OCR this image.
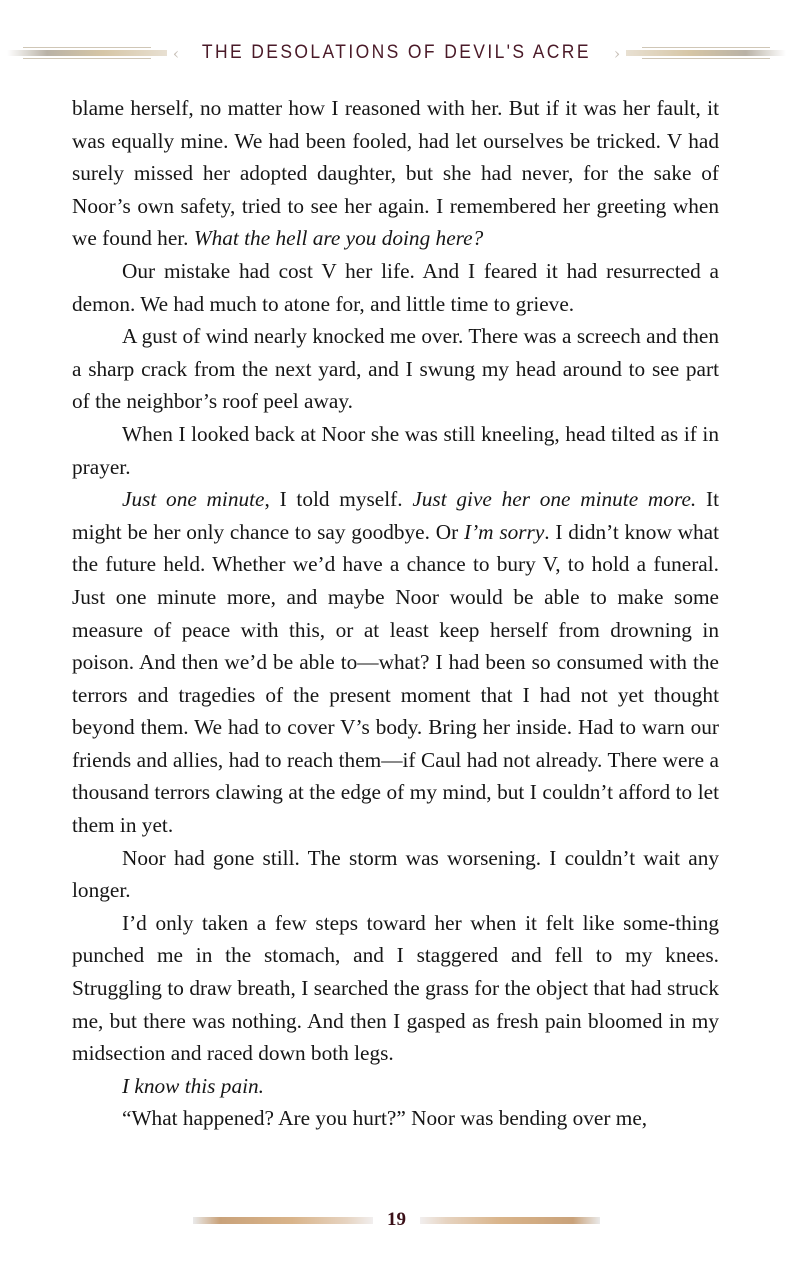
‹ THE DESOLATIONS OF DEVIL'S ACRE ›

blame herself, no matter how I reasoned with her. But if it was her fault, it was equally mine. We had been fooled, had let ourselves be tricked. V had surely missed her adopted daughter, but she had never, for the sake of Noor’s own safety, tried to see her again. I remembered her greeting when we found her. What the hell are you doing here?

Our mistake had cost V her life. And I feared it had resurrected a demon. We had much to atone for, and little time to grieve.

A gust of wind nearly knocked me over. There was a screech and then a sharp crack from the next yard, and I swung my head around to see part of the neighbor’s roof peel away.

When I looked back at Noor she was still kneeling, head tilted as if in prayer.

Just one minute, I told myself. Just give her one minute more. It might be her only chance to say goodbye. Or I’m sorry. I didn’t know what the future held. Whether we’d have a chance to bury V, to hold a funeral. Just one minute more, and maybe Noor would be able to make some measure of peace with this, or at least keep herself from drowning in poison. And then we’d be able to—what? I had been so consumed with the terrors and tragedies of the present moment that I had not yet thought beyond them. We had to cover V’s body. Bring her inside. Had to warn our friends and allies, had to reach them—if Caul had not already. There were a thousand terrors clawing at the edge of my mind, but I couldn’t afford to let them in yet.

Noor had gone still. The storm was worsening. I couldn’t wait any longer.

I’d only taken a few steps toward her when it felt like some-thing punched me in the stomach, and I staggered and fell to my knees. Struggling to draw breath, I searched the grass for the object that had struck me, but there was nothing. And then I gasped as fresh pain bloomed in my midsection and raced down both legs.

I know this pain.

“What happened? Are you hurt?” Noor was bending over me,

19
